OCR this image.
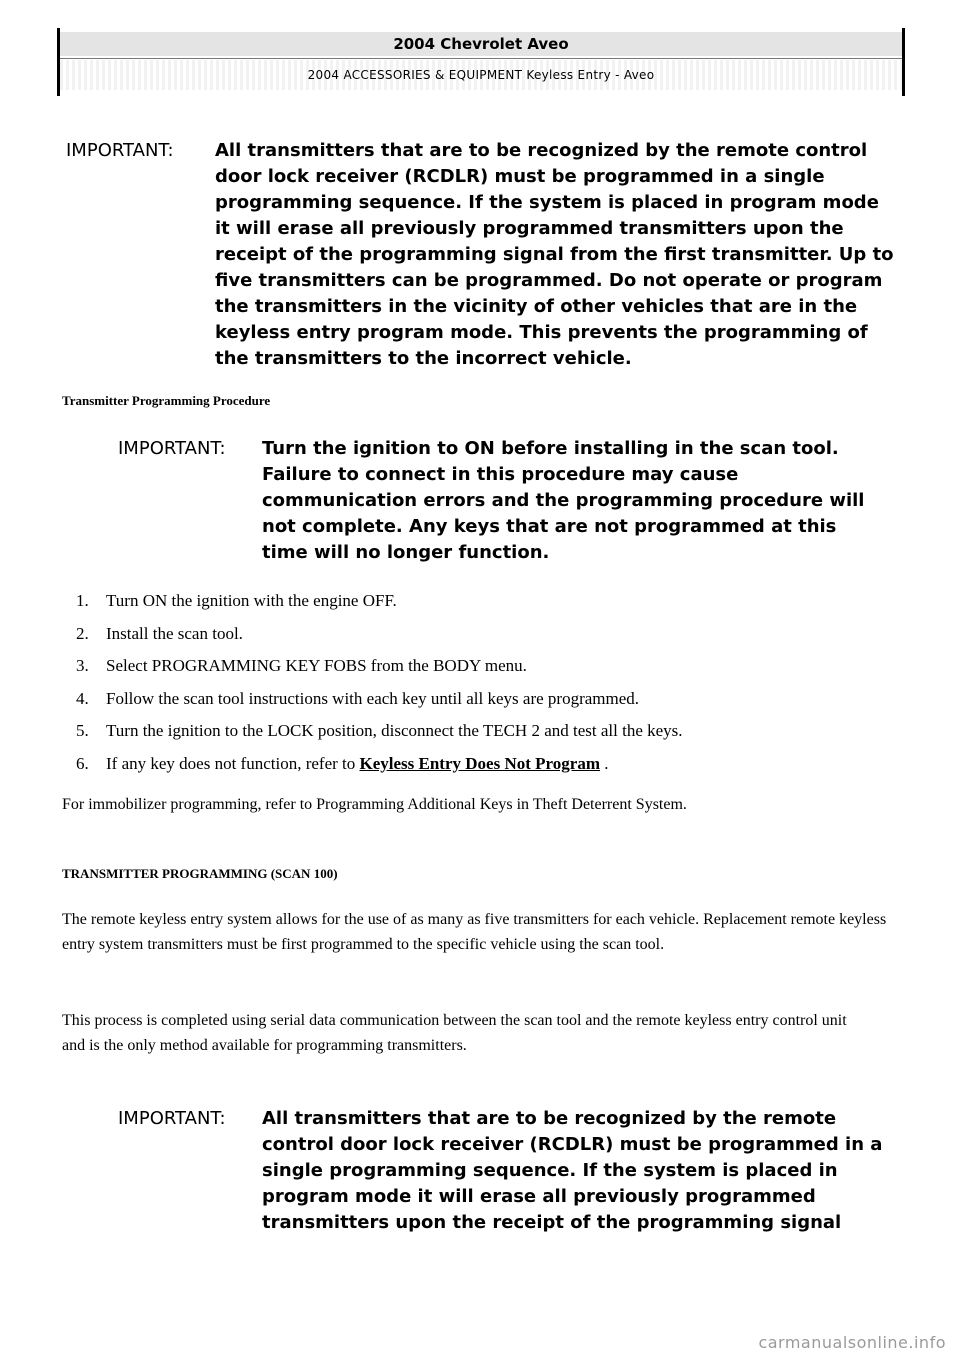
2004 Chevrolet Aveo
2004 ACCESSORIES & EQUIPMENT Keyless Entry - Aveo
IMPORTANT: All transmitters that are to be recognized by the remote control door lock receiver (RCDLR) must be programmed in a single programming sequence. If the system is placed in program mode it will erase all previously programmed transmitters upon the receipt of the programming signal from the first transmitter. Up to five transmitters can be programmed. Do not operate or program the transmitters in the vicinity of other vehicles that are in the keyless entry program mode. This prevents the programming of the transmitters to the incorrect vehicle.
Transmitter Programming Procedure
IMPORTANT: Turn the ignition to ON before installing in the scan tool. Failure to connect in this procedure may cause communication errors and the programming procedure will not complete. Any keys that are not programmed at this time will no longer function.
1.	Turn ON the ignition with the engine OFF.
2.	Install the scan tool.
3.	Select PROGRAMMING KEY FOBS from the BODY menu.
4.	Follow the scan tool instructions with each key until all keys are programmed.
5.	Turn the ignition to the LOCK position, disconnect the TECH 2 and test all the keys.
6.	If any key does not function, refer to Keyless Entry Does Not Program .
For immobilizer programming, refer to Programming Additional Keys in Theft Deterrent System.
TRANSMITTER PROGRAMMING (SCAN 100)
The remote keyless entry system allows for the use of as many as five transmitters for each vehicle. Replacement remote keyless entry system transmitters must be first programmed to the specific vehicle using the scan tool.
This process is completed using serial data communication between the scan tool and the remote keyless entry control unit and is the only method available for programming transmitters.
IMPORTANT: All transmitters that are to be recognized by the remote control door lock receiver (RCDLR) must be programmed in a single programming sequence. If the system is placed in program mode it will erase all previously programmed transmitters upon the receipt of the programming signal
carmanualsonline.info
